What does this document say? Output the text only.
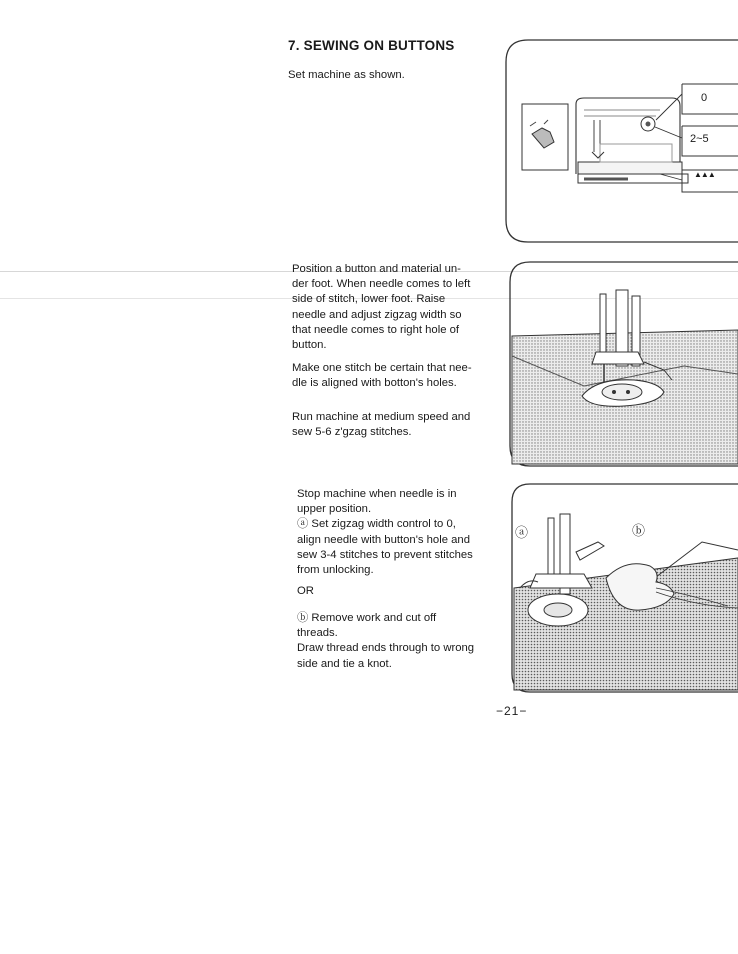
7. SEWING ON BUTTONS
Set machine as shown.
Position a button and material un-
der foot. When needle comes to left
side of stitch, lower foot. Raise
needle and adjust zigzag width so
that needle comes to right hole of
button.
Make one stitch be certain that nee-
dle is aligned with botton's holes.
Run machine at medium speed and
sew 5-6 z'gzag stitches.
Stop machine when needle is in
upper position.
ⓐ Set zigzag width control to 0,
align needle with button's hole and
sew 3-4 stitches to prevent stitches
from unlocking.
OR
ⓑ Remove work and cut off
threads.
Draw thread ends through to wrong
side and tie a knot.
0
2~5
▲▲▲
ⓐ	ⓑ
−21−
